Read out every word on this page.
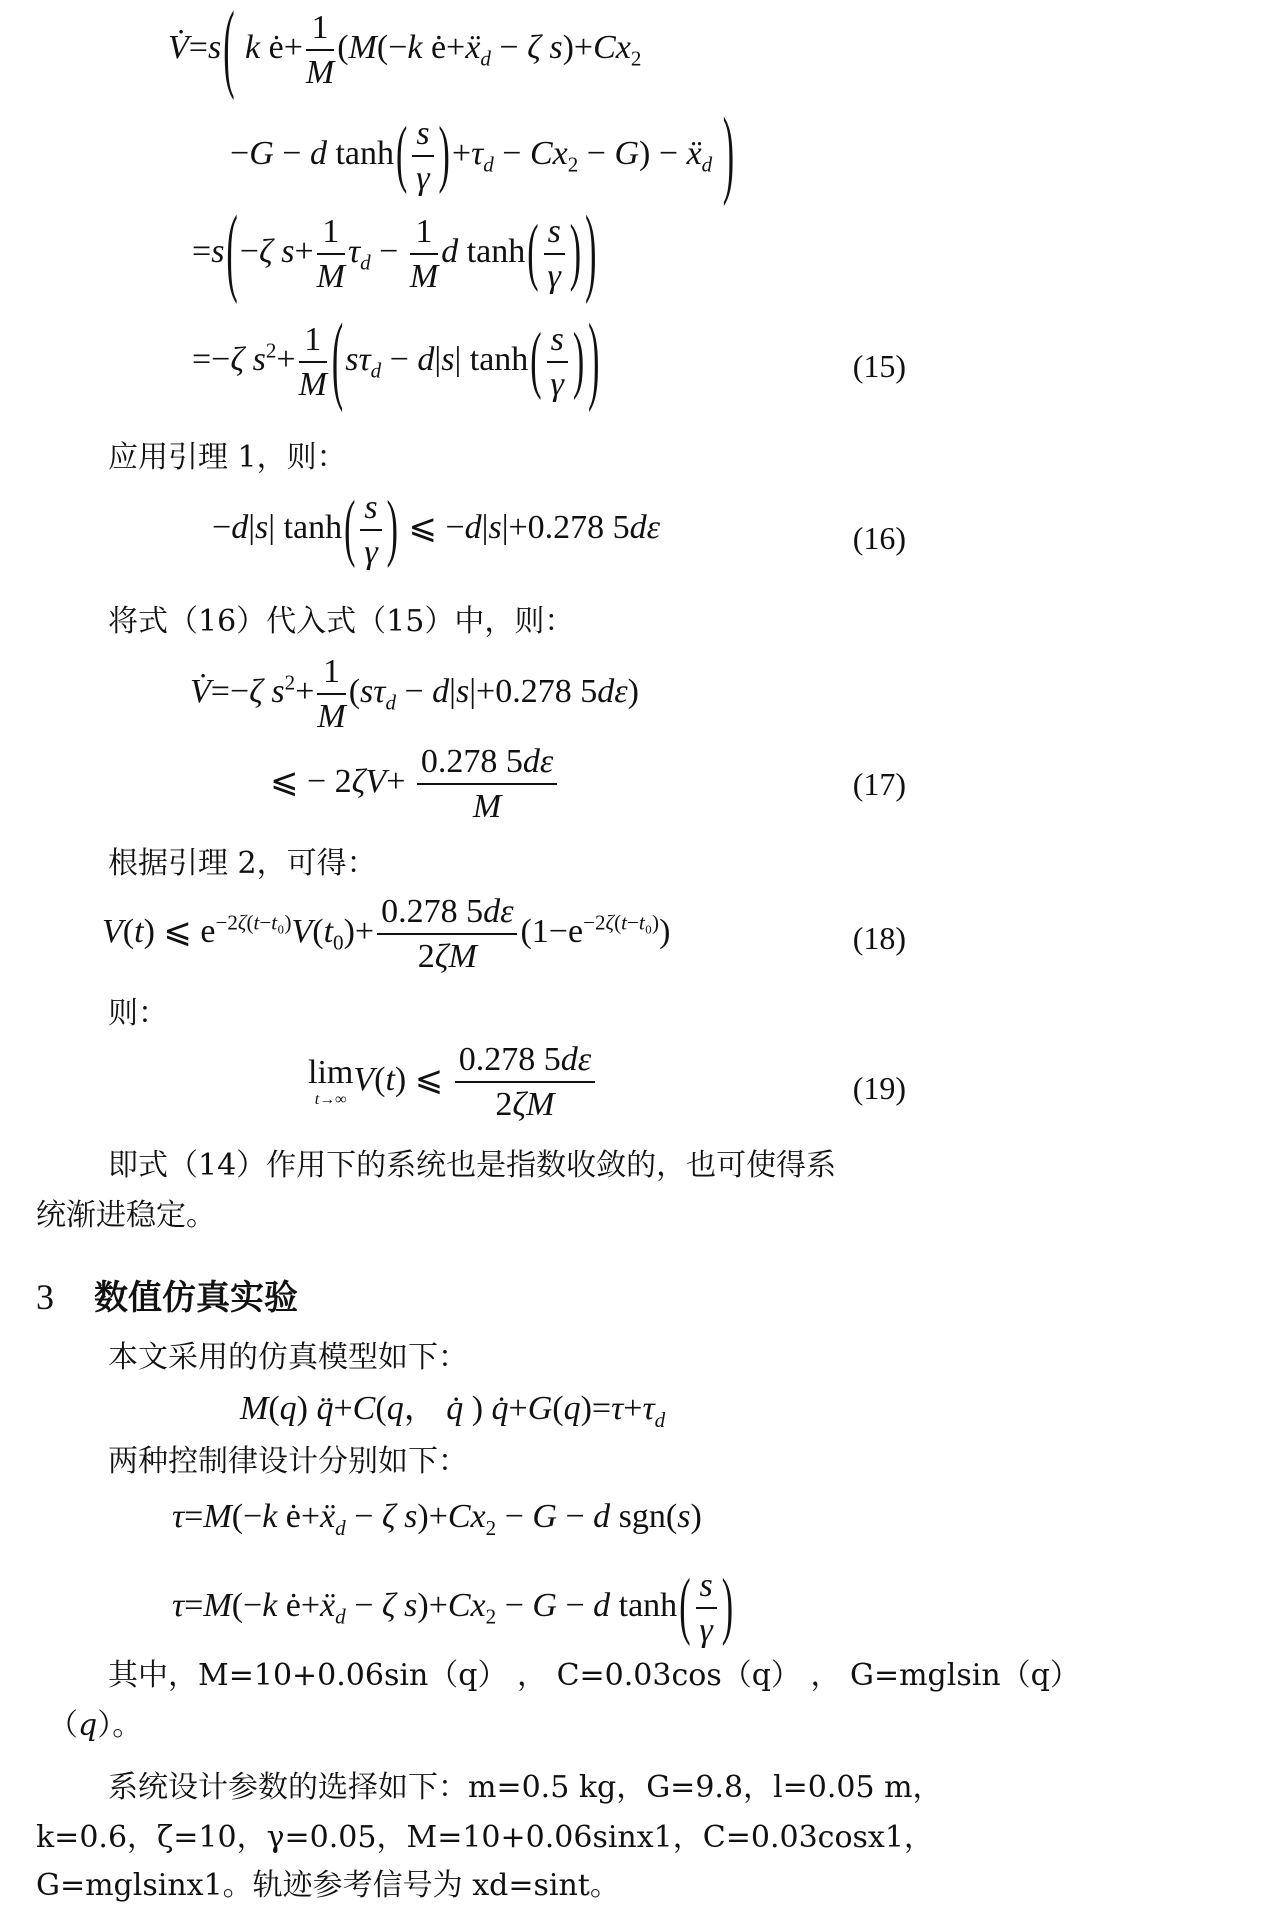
V̇=s( k ė+ $\frac{1}{M} (M(-k$ ė+ẍ$_d$ − ζ $s)+Cx_2$
−G − d $\tanh( \frac{s}{\gamma} )+\tau_d - Cx_2 - G$) − ẍ$_d$ )
=s(−ζ $s+ \frac{1}{M} \tau_d - \frac{1}{M}$ d $\tanh( \frac{s}{\gamma}$ ) )
=−ζ $s^2+ \frac{1}{M} (s\tau_d - d|s|$ $\tanh( \frac{s}{\gamma}$ ) )	(15)
应用引理 1，则：
−d|s| $\tanh( \frac{s}{\gamma}$ ) ⩽ −d|s|+0.278 5dε	(16)
将式（16）代入式（15）中，则：
V̇=−ζ $s^2+ \frac{1}{M} (s\tau_d - d|s|+0.278$ 5dε)
⩽ − $2\zeta V+ \frac{0.278 5d\varepsilon}{M}$	(17)
根据引理 2，可得：
V(t) ⩽ $e^{-2\zeta(t-t_0)}V(t_0)+ \frac{0.278 5d\varepsilon}{2\zeta M} (1-e^{-2\zeta(t-t_0)})$	(18)
则：
lim
t→∞
V(t) ⩽ $\frac{0.278 5d\varepsilon}{2\zeta M}$	(19)
即式（14）作用下的系统也是指数收敛的，也可使得系
统渐进稳定。
3 数值仿真实验
本文采用的仿真模型如下：
M(q) q̈+C(q， q̇ ) $q̇+G(q)=\tau+\tau_d$
两种控制律设计分别如下：
τ=M(−k ė+ẍ$_d$ − ζ $s)+Cx_2 - G - d$ sgn(s)
τ=M(−k ė+ẍ$_d$ − ζ $s)+Cx_2 - G - d$ $\tanh( \frac{s}{\gamma}$ )
其中，M=10+0.06sin（q） ， C=0.03cos（q） ， G=mglsin（q）
（q）。
系统设计参数的选择如下：m=0.5 kg，G=9.8，l=0.05 m，
k=0.6，ζ=10，γ=0.05，M=10+0.06sinx1，C=0.03cosx1，
G=mglsinx1。轨迹参考信号为 xd=sint。
